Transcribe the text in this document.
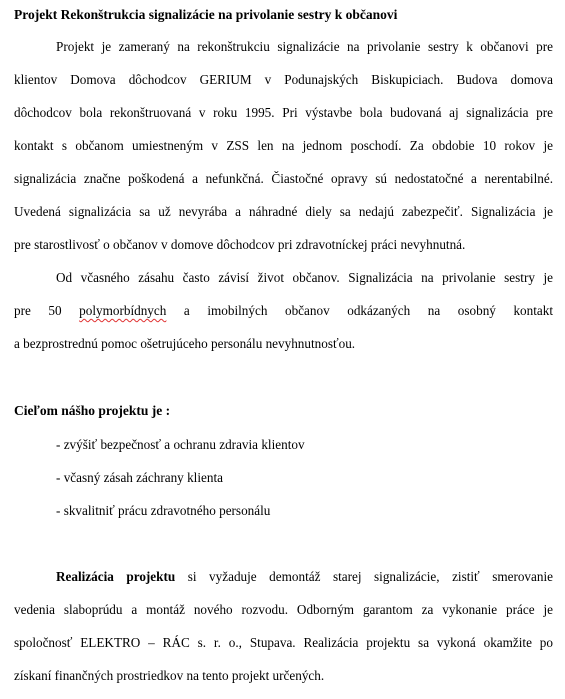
Projekt Rekonštrukcia signalizácie na privolanie sestry k občanovi
Projekt je zameraný na rekonštrukciu signalizácie na privolanie sestry k občanovi pre
klientov Domova dôchodcov GERIUM v Podunajských Biskupiciach. Budova domova
dôchodcov bola rekonštruovaná v roku 1995. Pri výstavbe bola budovaná aj signalizácia pre
kontakt s občanom umiestneným v ZSS len na jednom poschodí. Za obdobie 10 rokov je
signalizácia značne poškodená a nefunkčná. Čiastočné opravy sú nedostatočné a nerentabilné.
Uvedená signalizácia sa už nevyrába a náhradné diely sa nedajú zabezpečiť. Signalizácia je
pre starostlivosť o občanov v domove dôchodcov pri zdravotníckej práci nevyhnutná.
Od včasného zásahu často závisí život občanov. Signalizácia na privolanie sestry je
pre 50 polymorbídnych a imobilných občanov odkázaných na osobný kontakt
a bezprostrednú pomoc ošetrujúceho personálu nevyhnutnosťou.
Cieľom nášho projektu je :
- zvýšiť bezpečnosť a ochranu zdravia klientov
- včasný zásah záchrany klienta
- skvalitniť prácu zdravotného personálu
Realizácia projektu si vyžaduje demontáž starej signalizácie, zistiť smerovanie
vedenia slaboprúdu a montáž nového rozvodu. Odborným garantom za vykonanie práce je
spoločnosť ELEKTRO – RÁC s. r. o., Stupava. Realizácia projektu sa vykoná okamžite po
získaní finančných prostriedkov na tento projekt určených.
